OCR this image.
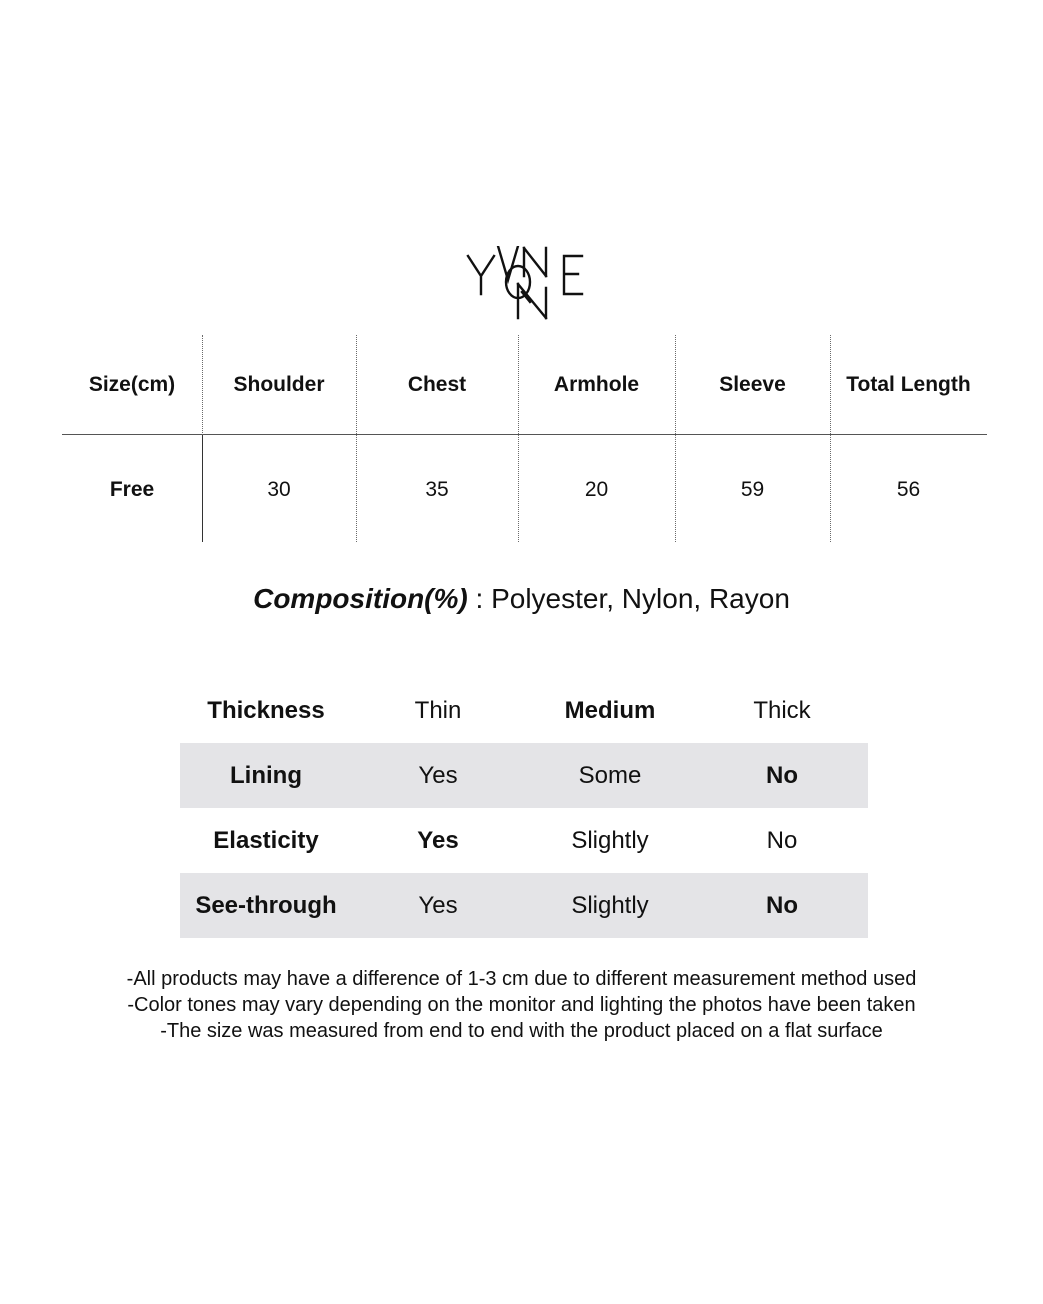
Size(cm)	Shoulder	Chest	Armhole	Sleeve	Total Length
Free	30	35	20	59	56
Composition(%) : Polyester, Nylon, Rayon
Thickness	Thin	Medium	Thick
Lining	Yes	Some	No
Elasticity	Yes	Slightly	No
See-through	Yes	Slightly	No
-All products may have a difference of 1-3 cm due to different measurement method used
-Color tones may vary depending on the monitor and lighting the photos have been taken
-The size was measured from end to end with the product placed on a flat surface
